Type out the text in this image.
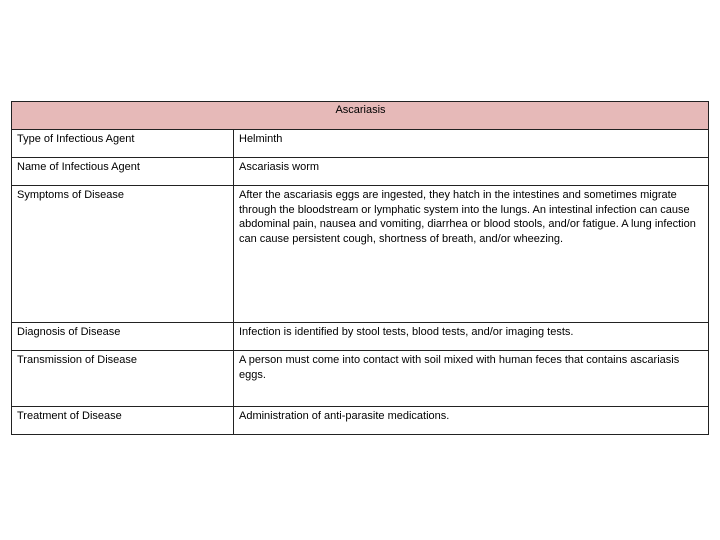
Ascariasis	
Type of Infectious Agent	Helminth
Name of Infectious Agent	Ascariasis worm
Symptoms of Disease	After the ascariasis eggs are ingested, they hatch in the intestines and sometimes migrate through the bloodstream or lymphatic system into the lungs. An intestinal infection can cause abdominal pain, nausea and vomiting, diarrhea or blood stools, and/or fatigue. A lung infection can cause persistent cough, shortness of breath, and/or wheezing.
Diagnosis of Disease	Infection is identified by stool tests, blood tests, and/or imaging tests.
Transmission of Disease	A person must come into contact with soil mixed with human feces that contains ascariasis eggs.
Treatment of Disease	Administration of anti-parasite medications.
